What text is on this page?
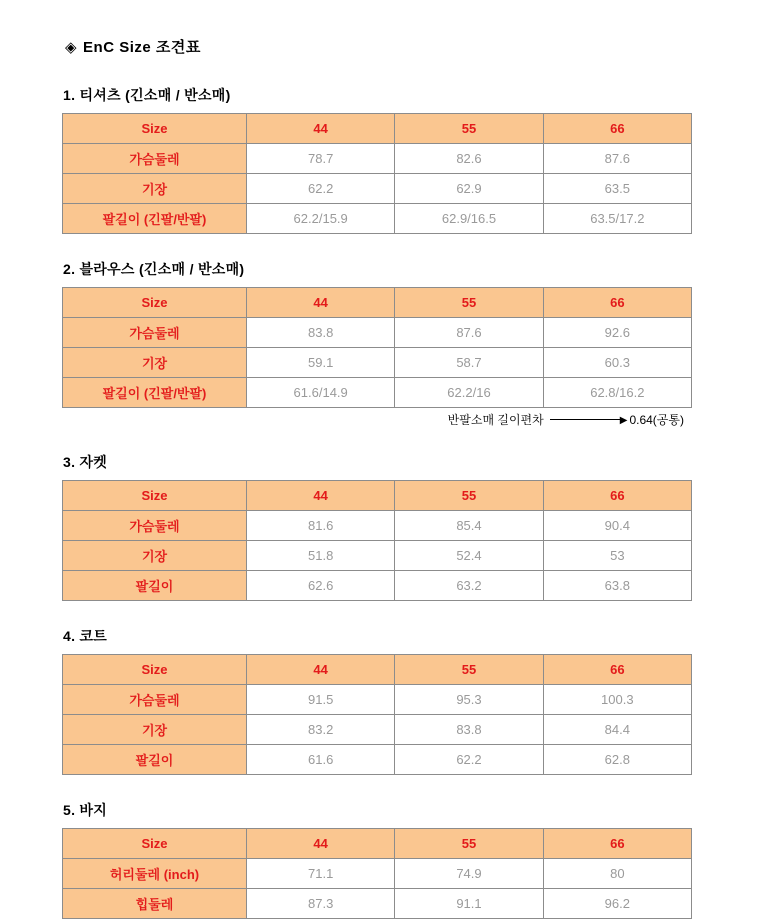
◈ EnC Size 조견표
1. 티셔츠 (긴소매 / 반소매)
Size	44	55	66
가슴둘레	78.7	82.6	87.6
기장	62.2	62.9	63.5
팔길이 (긴팔/반팔)	62.2/15.9	62.9/16.5	63.5/17.2
2. 블라우스 (긴소매 / 반소매)
Size	44	55	66
가슴둘레	83.8	87.6	92.6
기장	59.1	58.7	60.3
팔길이 (긴팔/반팔)	61.6/14.9	62.2/16	62.8/16.2
반팔소매 길이편차	▶ 0.64(공통)
3. 자켓
Size	44	55	66
가슴둘레	81.6	85.4	90.4
기장	51.8	52.4	53
팔길이	62.6	63.2	63.8
4. 코트
Size	44	55	66
가슴둘레	91.5	95.3	100.3
기장	83.2	83.8	84.4
팔길이	61.6	62.2	62.8
5. 바지
Size	44	55	66
허리둘레 (inch)	71.1	74.9	80
힙둘레	87.3	91.1	96.2
